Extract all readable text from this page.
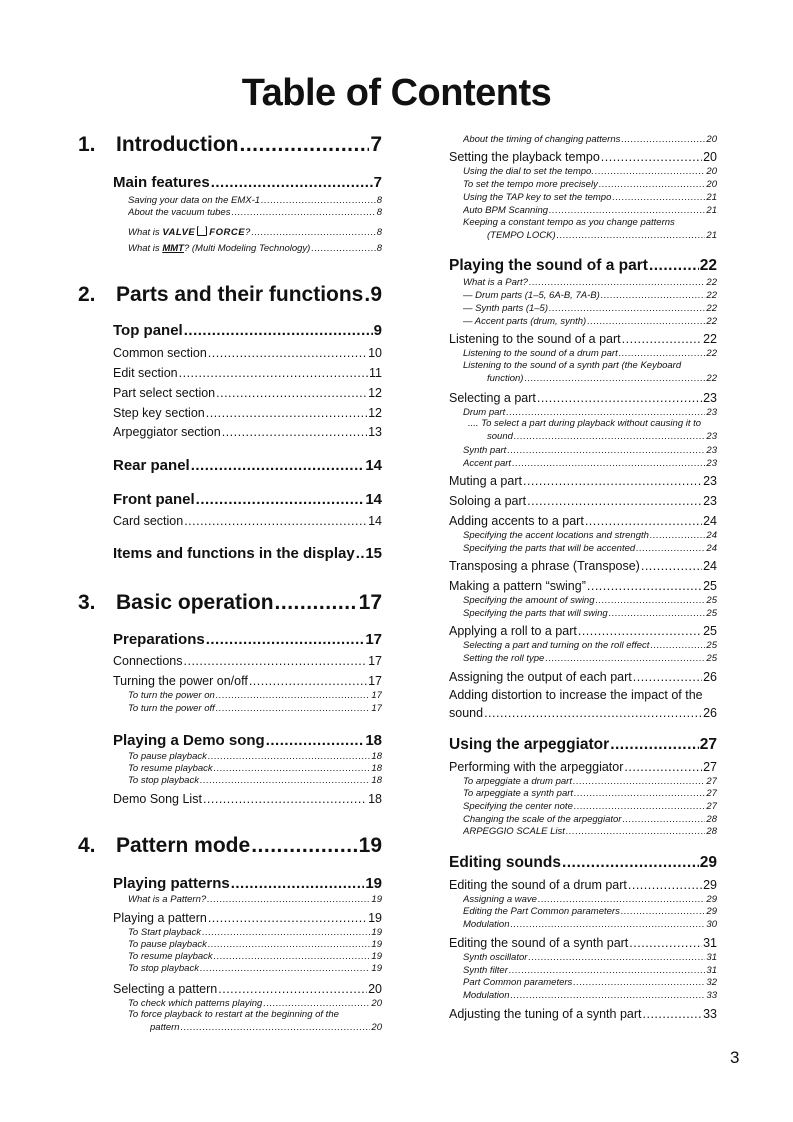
Table of Contents
1. Introduction .....	7
Main features .....	7
Saving your data on the EMX-1 .....	8
About the vacuum tubes .....	8
What is VALVE FORCE? .....	8
What is MMT? (Multi Modeling Technology) .....	8
2. Parts and their functions ..... 9
Top panel .....	9
Common section .....	10
Edit section .....	11
Part select section .....	12
Step key section .....	12
Arpeggiator section .....	13
Rear panel .....	14
Front panel .....	14
Card section .....	14
Items and functions in the display ..... 15
3. Basic operation .....	17
Preparations .....	17
Connections .....	17
Turning the power on/off .....	17
To turn the power on .....	17
To turn the power off .....	17
Playing a Demo song .....	18
To pause playback .....	18
To resume playback .....	18
To stop playback .....	18
Demo Song List .....	18
4. Pattern mode .....	19
Playing patterns .....	19
What is a Pattern? .....	19
Playing a pattern .....	19
To Start playback .....	19
To pause playback .....	19
To resume playback .....	19
To stop playback .....	19
Selecting a pattern .....	20
To check which patterns playing .....	20
To force playback to restart at the beginning of the
pattern .....	20
About the timing of changing patterns .....	20
Setting the playback tempo .....	20
Using the dial to set the tempo. .....	20
To set the tempo more precisely .....	20
Using the TAP key to set the tempo .....	21
Auto BPM Scanning .....	21
Keeping a constant tempo as you change patterns
(TEMPO LOCK) .....	21
Playing the sound of a part .....	22
What is a Part? .....	22
— Drum parts (1–5, 6A-B, 7A-B) .....	22
— Synth parts (1–5) .....	22
— Accent parts (drum, synth) .....	22
Listening to the sound of a part .....	22
Listening to the sound of a drum part .....	22
Listening to the sound of a synth part (the Keyboard
function) .....	22
Selecting a part .....	23
Drum part .....	23
.... To select a part during playback without causing it to
sound .....	23
Synth part .....	23
Accent part .....	23
Muting a part .....	23
Soloing a part .....	23
Adding accents to a part .....	24
Specifying the accent locations and strength .....	24
Specifying the parts that will be accented .....	24
Transposing a phrase (Transpose) .....	24
Making a pattern “swing” .....	25
Specifying the amount of swing .....	25
Specifying the parts that will swing .....	25
Applying a roll to a part .....	25
Selecting a part and turning on the roll effect .....	25
Setting the roll type .....	25
Assigning the output of each part .....	26
Adding distortion to increase the impact of the
sound .....	26
Using the arpeggiator .....	27
Performing with the arpeggiator .....	27
To arpeggiate a drum part .....	27
To arpeggiate a synth part .....	27
Specifying the center note .....	27
Changing the scale of the arpeggiator .....	28
ARPEGGIO SCALE List .....	28
Editing sounds .....	29
Editing the sound of a drum part .....	29
Assigning a wave .....	29
Editing the Part Common parameters .....	29
Modulation .....	30
Editing the sound of a synth part .....	31
Synth oscillator .....	31
Synth filter .....	31
Part Common parameters .....	32
Modulation .....	33
Adjusting the tuning of a synth part .....	33
3
